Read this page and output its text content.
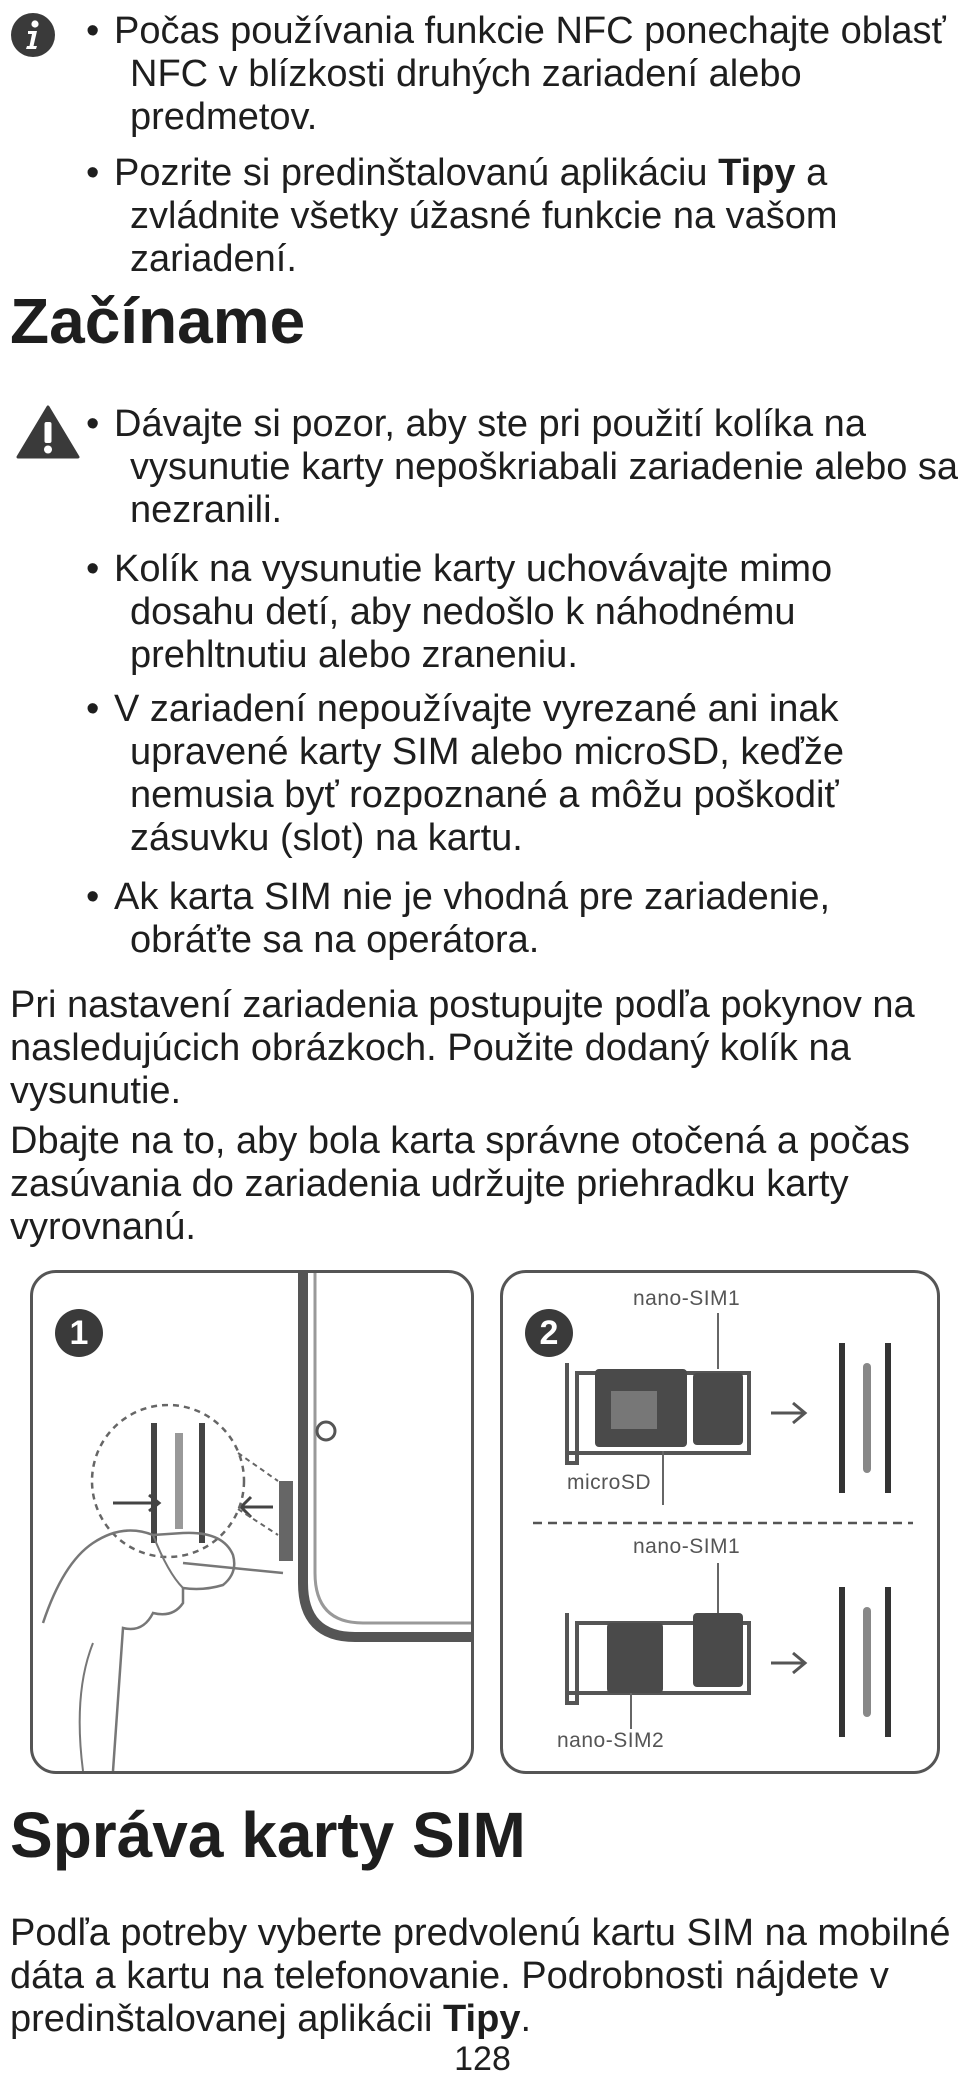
• Počas používania funkcie NFC ponechajte oblasť NFC v blízkosti druhých zariadení alebo predmetov.
• Pozrite si predinštalovanú aplikáciu Tipy a zvládnite všetky úžasné funkcie na vašom zariadení.
Začíname
• Dávajte si pozor, aby ste pri použití kolíka na vysunutie karty nepoškriabali zariadenie alebo sa nezranili.
• Kolík na vysunutie karty uchovávajte mimo dosahu detí, aby nedošlo k náhodnému prehltnutiu alebo zraneniu.
• V zariadení nepoužívajte vyrezané ani inak upravené karty SIM alebo microSD, keďže nemusia byť rozpoznané a môžu poškodiť zásuvku (slot) na kartu.
• Ak karta SIM nie je vhodná pre zariadenie, obráťte sa na operátora.
Pri nastavení zariadenia postupujte podľa pokynov na nasledujúcich obrázkoch. Použite dodaný kolík na vysunutie.
Dbajte na to, aby bola karta správne otočená a počas zasúvania do zariadenia udržujte priehradku karty vyrovnanú.
1	2
nano-SIM1
microSD
nano-SIM1
nano-SIM2
Správa karty SIM
Podľa potreby vyberte predvolenú kartu SIM na mobilné dáta a kartu na telefonovanie. Podrobnosti nájdete v predinštalovanej aplikácii Tipy.
128
